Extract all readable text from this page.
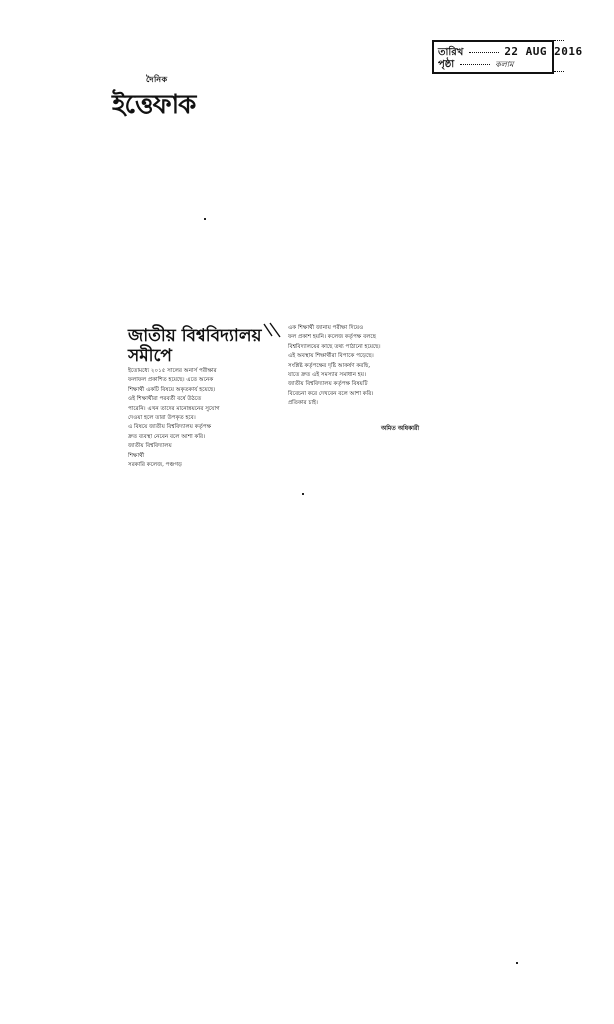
দৈনিক
ইত্তেফাক
তারিখ	22 AUG 2016
পৃষ্ঠা	কলাম
জাতীয় বিশ্ববিদ্যালয় সমীপে
ইতোমধ্যে ২০১৫ সালের অনার্স পরীক্ষার
ফলাফল প্রকাশিত হয়েছে। এতে অনেক
শিক্ষার্থী একটি বিষয়ে অকৃতকার্য হয়েছে।
ওই শিক্ষার্থীরা পরবর্তী বর্ষে উঠতে
পারেনি। এখন তাদের মানোন্নয়নের সুযোগ
দেওয়া হলে তারা উপকৃত হবে।
এ বিষয়ে জাতীয় বিশ্ববিদ্যালয় কর্তৃপক্ষ
দ্রুত ব্যবস্থা নেবেন বলে আশা করি।
জাতীয় বিশ্ববিদ্যালয়
শিক্ষার্থী
সরকারি কলেজ, পঞ্চগড়
এক শিক্ষার্থী জানায় পরীক্ষা দিয়েও
ফল প্রকাশ হয়নি। কলেজ কর্তৃপক্ষ বলছে
বিশ্ববিদ্যালয়ের কাছে তথ্য পাঠানো হয়েছে।
এই অবস্থায় শিক্ষার্থীরা বিপাকে পড়েছে।
সংশ্লিষ্ট কর্তৃপক্ষের দৃষ্টি আকর্ষণ করছি,
যাতে দ্রুত এই সমস্যার সমাধান হয়।
জাতীয় বিশ্ববিদ্যালয় কর্তৃপক্ষ বিষয়টি
বিবেচনা করে দেখবেন বলে আশা করি।
প্রতিকার চাই।
অমিত অধিকারী
